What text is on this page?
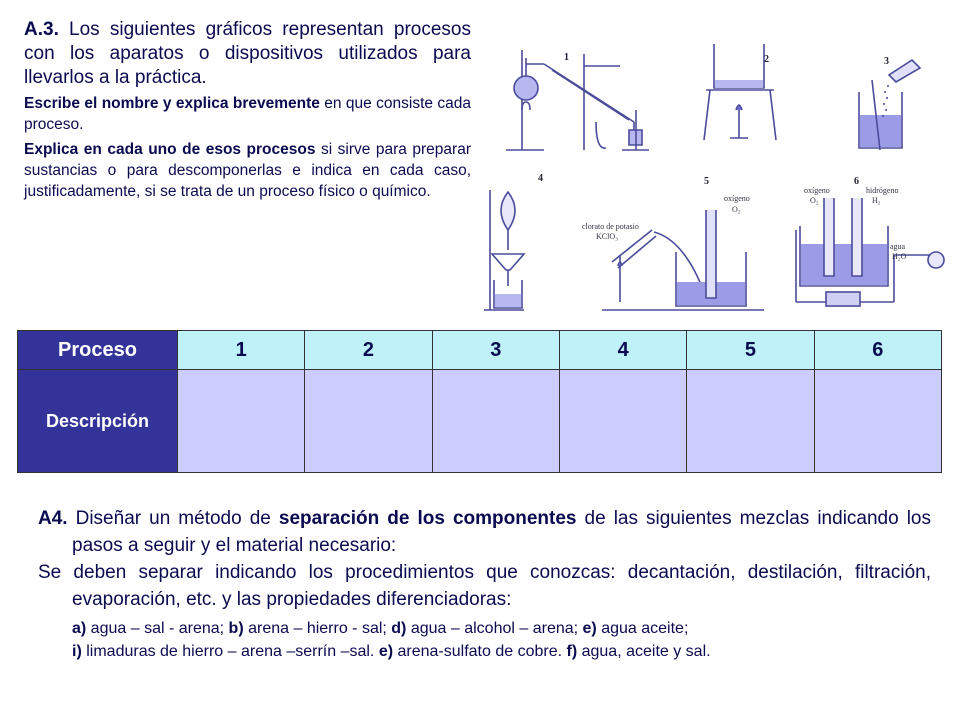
A.3. Los siguientes gráficos representan procesos con los aparatos o dispositivos utilizados para llevarlos a la práctica.

Escribe el nombre y explica brevemente en que consiste cada proceso.

Explica en cada uno de esos procesos si sirve para preparar sustancias o para descomponerlas e indica en cada caso, justificadamente, si se trata de un proceso físico o químico.

1	2	3
4	5	6
clorato de potasio
KClO₃
oxígeno
O₂
oxígeno
O₂
hidrógeno
H₂
agua
H₂O
Proceso	1	2	3	4	5	6
Descripción						

A4. Diseñar un método de separación de los componentes de las siguientes mezclas indicando los pasos a seguir y el material necesario:

Se deben separar indicando los procedimientos que conozcas: decantación, destilación, filtración, evaporación, etc. y las propiedades diferenciadoras:

a) agua – sal - arena; b) arena – hierro - sal; d) agua – alcohol – arena; e) agua aceite;

i) limaduras de hierro – arena –serrín –sal. e) arena-sulfato de cobre. f) agua, aceite y sal.
